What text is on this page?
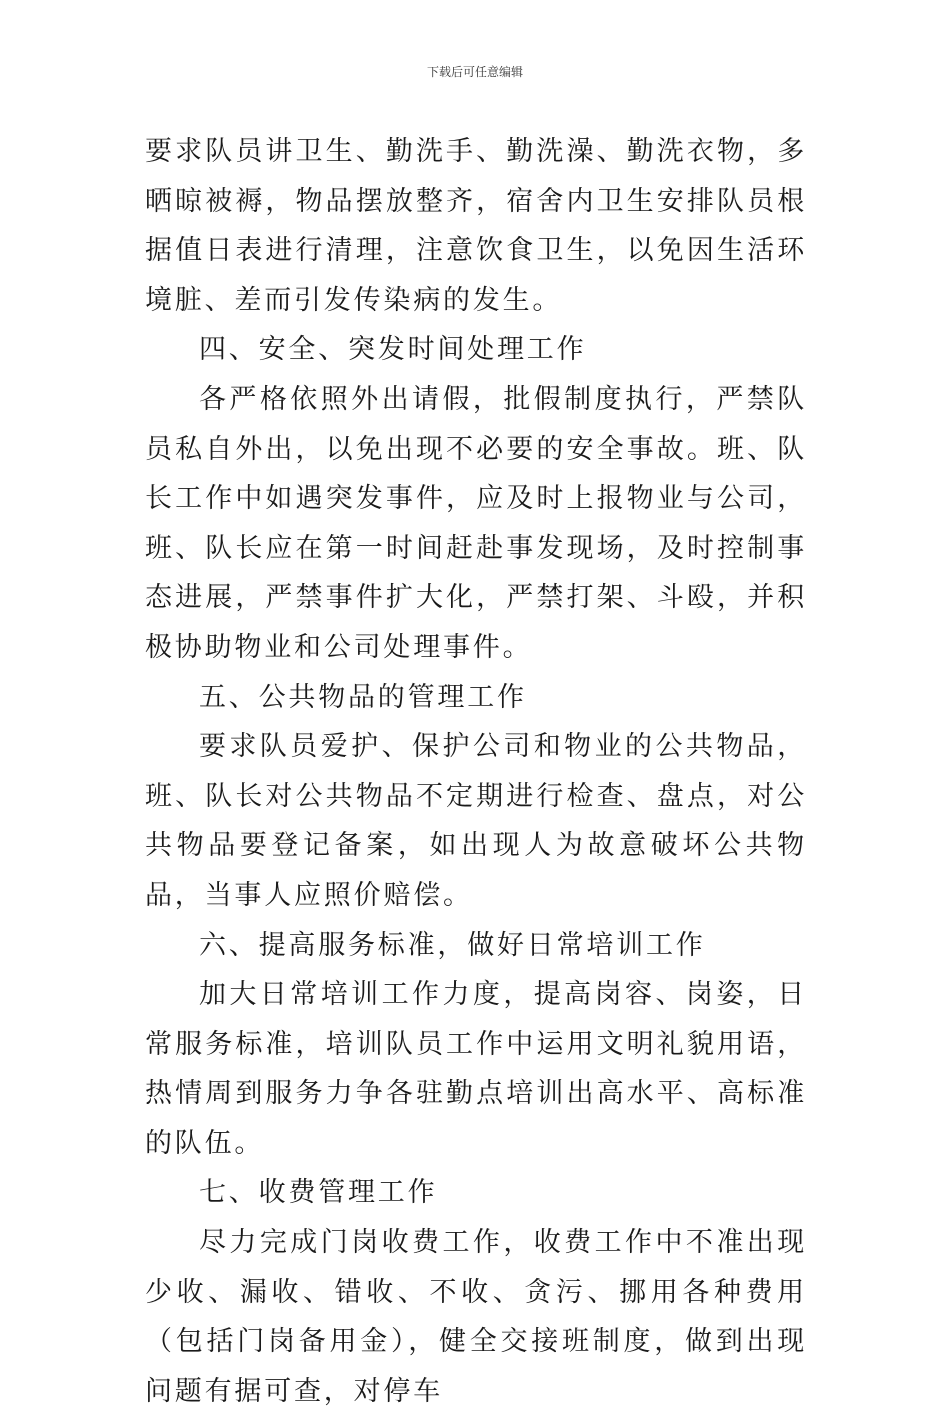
下载后可任意编辑

要求队员讲卫生、勤洗手、勤洗澡、勤洗衣物，多晒晾被褥，物品摆放整齐，宿舍内卫生安排队员根据值日表进行清理，注意饮食卫生，以免因生活环境脏、差而引发传染病的发生。

四、安全、突发时间处理工作

各严格依照外出请假，批假制度执行，严禁队员私自外出，以免出现不必要的安全事故。班、队长工作中如遇突发事件，应及时上报物业与公司，班、队长应在第一时间赶赴事发现场，及时控制事态进展，严禁事件扩大化，严禁打架、斗殴，并积极协助物业和公司处理事件。

五、公共物品的管理工作

要求队员爱护、保护公司和物业的公共物品，班、队长对公共物品不定期进行检查、盘点，对公共物品要登记备案，如出现人为故意破坏公共物品，当事人应照价赔偿。

六、提高服务标准，做好日常培训工作

加大日常培训工作力度，提高岗容、岗姿，日常服务标准，培训队员工作中运用文明礼貌用语，热情周到服务力争各驻勤点培训出高水平、高标准的队伍。

七、收费管理工作

尽力完成门岗收费工作，收费工作中不准出现少收、漏收、错收、不收、贪污、挪用各种费用（包括门岗备用金），健全交接班制度，做到出现问题有据可查，对停车
